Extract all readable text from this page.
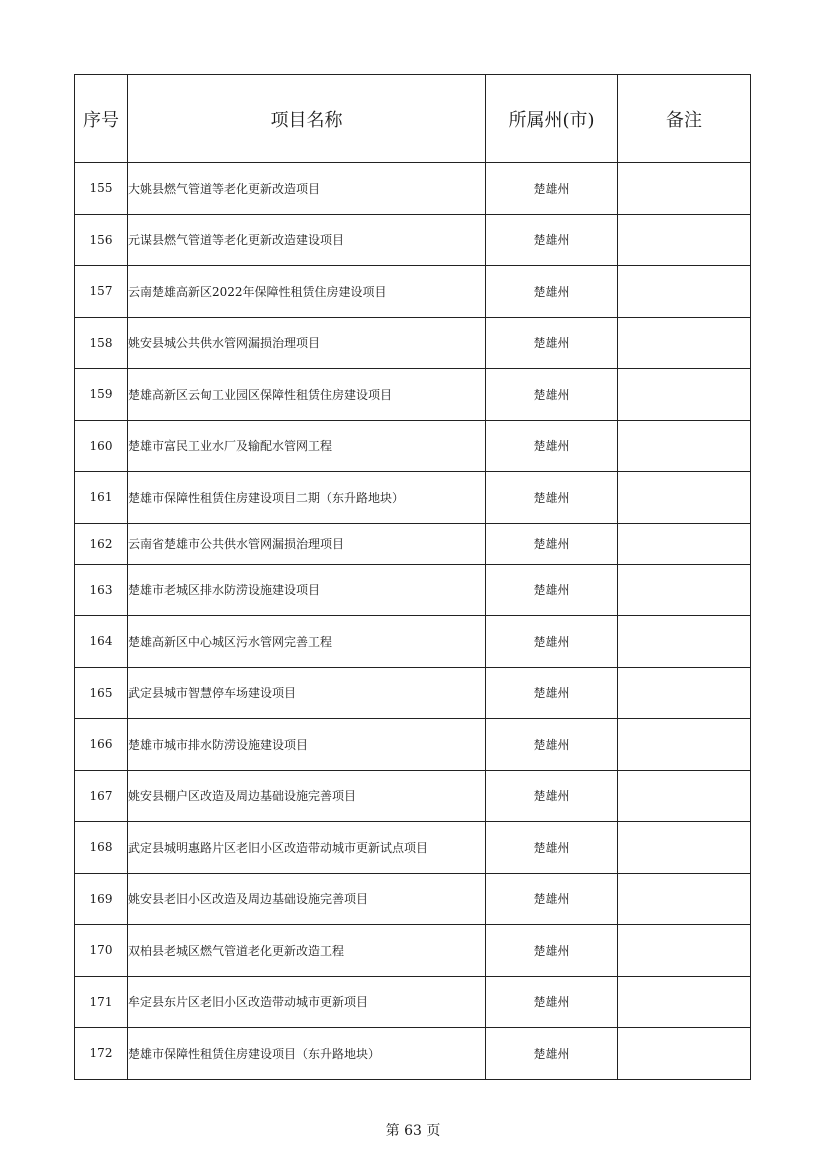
序号	项目名称	所属州(市)	备注
155	大姚县燃气管道等老化更新改造项目	楚雄州	
156	元谋县燃气管道等老化更新改造建设项目	楚雄州	
157	云南楚雄高新区2022年保障性租赁住房建设项目	楚雄州	
158	姚安县城公共供水管网漏损治理项目	楚雄州	
159	楚雄高新区云甸工业园区保障性租赁住房建设项目	楚雄州	
160	楚雄市富民工业水厂及输配水管网工程	楚雄州	
161	楚雄市保障性租赁住房建设项目二期（东升路地块）	楚雄州	
162	云南省楚雄市公共供水管网漏损治理项目	楚雄州	
163	楚雄市老城区排水防涝设施建设项目	楚雄州	
164	楚雄高新区中心城区污水管网完善工程	楚雄州	
165	武定县城市智慧停车场建设项目	楚雄州	
166	楚雄市城市排水防涝设施建设项目	楚雄州	
167	姚安县棚户区改造及周边基础设施完善项目	楚雄州	
168	武定县城明惠路片区老旧小区改造带动城市更新试点项目	楚雄州	
169	姚安县老旧小区改造及周边基础设施完善项目	楚雄州	
170	双柏县老城区燃气管道老化更新改造工程	楚雄州	
171	牟定县东片区老旧小区改造带动城市更新项目	楚雄州	
172	楚雄市保障性租赁住房建设项目（东升路地块）	楚雄州	
第 63 页
